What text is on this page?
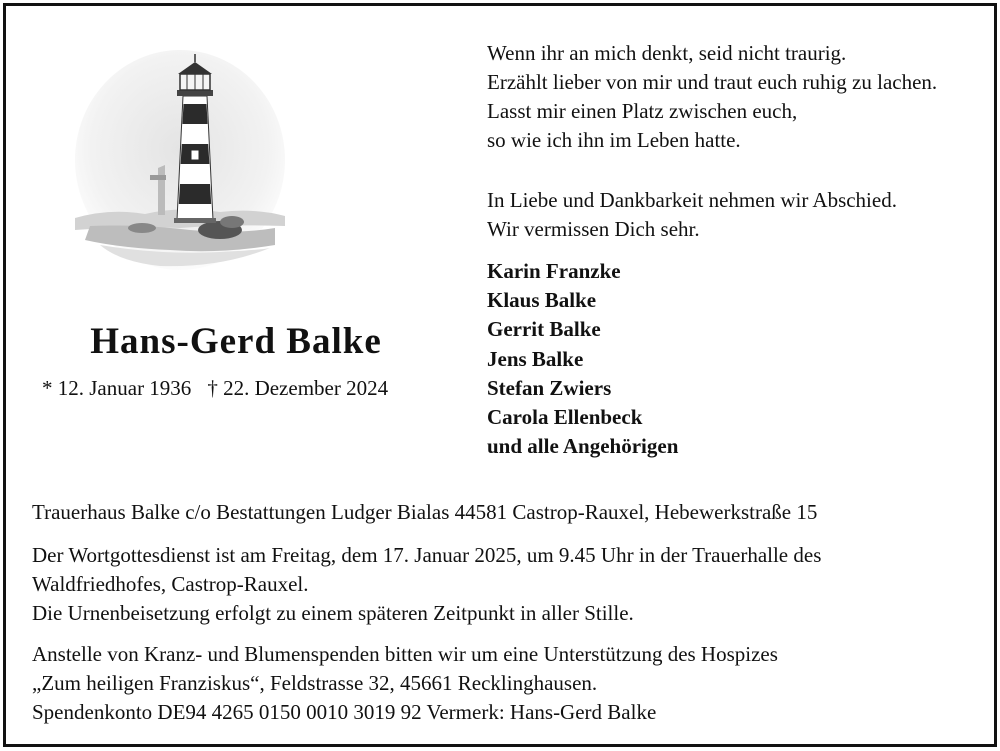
Hans-Gerd Balke
* 12. Januar 1936 † 22. Dezember 2024
Wenn ihr an mich denkt, seid nicht traurig.
Erzählt lieber von mir und traut euch ruhig zu lachen.
Lasst mir einen Platz zwischen euch,
so wie ich ihn im Leben hatte.
In Liebe und Dankbarkeit nehmen wir Abschied.
Wir vermissen Dich sehr.
Karin Franzke
Klaus Balke
Gerrit Balke
Jens Balke
Stefan Zwiers
Carola Ellenbeck
und alle Angehörigen
Trauerhaus Balke c/o Bestattungen Ludger Bialas 44581 Castrop-Rauxel, Hebewerkstraße 15
Der Wortgottesdienst ist am Freitag, dem 17. Januar 2025, um 9.45 Uhr in der Trauerhalle des
Waldfriedhofes, Castrop-Rauxel.
Die Urnenbeisetzung erfolgt zu einem späteren Zeitpunkt in aller Stille.
Anstelle von Kranz- und Blumenspenden bitten wir um eine Unterstützung des Hospizes
„Zum heiligen Franziskus“, Feldstrasse 32, 45661 Recklinghausen.
Spendenkonto DE94 4265 0150 0010 3019 92 Vermerk: Hans-Gerd Balke
